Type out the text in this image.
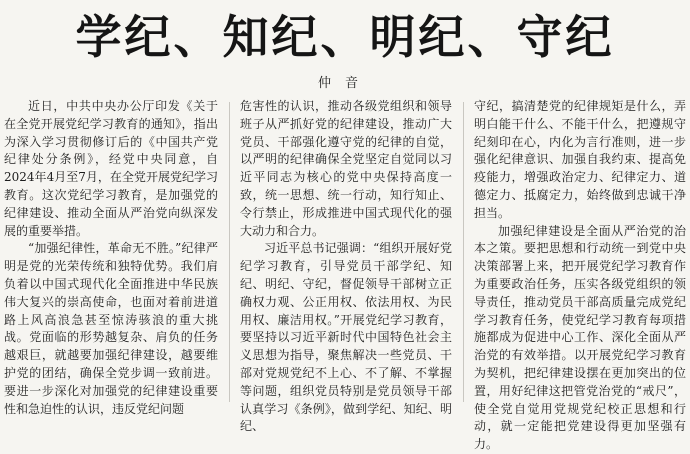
学纪、知纪、明纪、守纪
仲音

近日，中共中央办公厅印发《关于在全党开展党纪学习教育的通知》，指出为深入学习贯彻修订后的《中国共产党纪律处分条例》，经党中央同意，自2024年4月至7月，在全党开展党纪学习教育。这次党纪学习教育，是加强党的纪律建设、推动全面从严治党向纵深发展的重要举措。

“加强纪律性，革命无不胜。”纪律严明是党的光荣传统和独特优势。我们肩负着以中国式现代化全面推进中华民族伟大复兴的崇高使命，也面对着前进道路上风高浪急甚至惊涛骇浪的重大挑战。党面临的形势越复杂、肩负的任务越艰巨，就越要加强纪律建设，越要维护党的团结，确保全党步调一致前进。要进一步深化对加强党的纪律建设重要性和急迫性的认识，违反党纪问题

危害性的认识，推动各级党组织和领导班子从严抓好党的纪律建设，推动广大党员、干部强化遵守党的纪律的自觉，以严明的纪律确保全党坚定自觉同以习近平同志为核心的党中央保持高度一致，统一思想、统一行动，知行知止、令行禁止，形成推进中国式现代化的强大动力和合力。

习近平总书记强调：“组织开展好党纪学习教育，引导党员干部学纪、知纪、明纪、守纪，督促领导干部树立正确权力观、公正用权、依法用权、为民用权、廉洁用权。”开展党纪学习教育，要坚持以习近平新时代中国特色社会主义思想为指导，聚焦解决一些党员、干部对党规党纪不上心、不了解、不掌握等问题，组织党员特别是党员领导干部认真学习《条例》，做到学纪、知纪、明纪、

守纪，搞清楚党的纪律规矩是什么，弄明白能干什么、不能干什么，把遵规守纪刻印在心，内化为言行准则，进一步强化纪律意识、加强自我约束、提高免疫能力，增强政治定力、纪律定力、道德定力、抵腐定力，始终做到忠诚干净担当。

加强纪律建设是全面从严治党的治本之策。要把思想和行动统一到党中央决策部署上来，把开展党纪学习教育作为重要政治任务，压实各级党组织的领导责任，推动党员干部高质量完成党纪学习教育任务，使党纪学习教育每项措施都成为促进中心工作、深化全面从严治党的有效举措。以开展党纪学习教育为契机，把纪律建设摆在更加突出的位置，用好纪律这把管党治党的“戒尺”，使全党自觉用党规党纪校正思想和行动，就一定能把党建设得更加坚强有力。
